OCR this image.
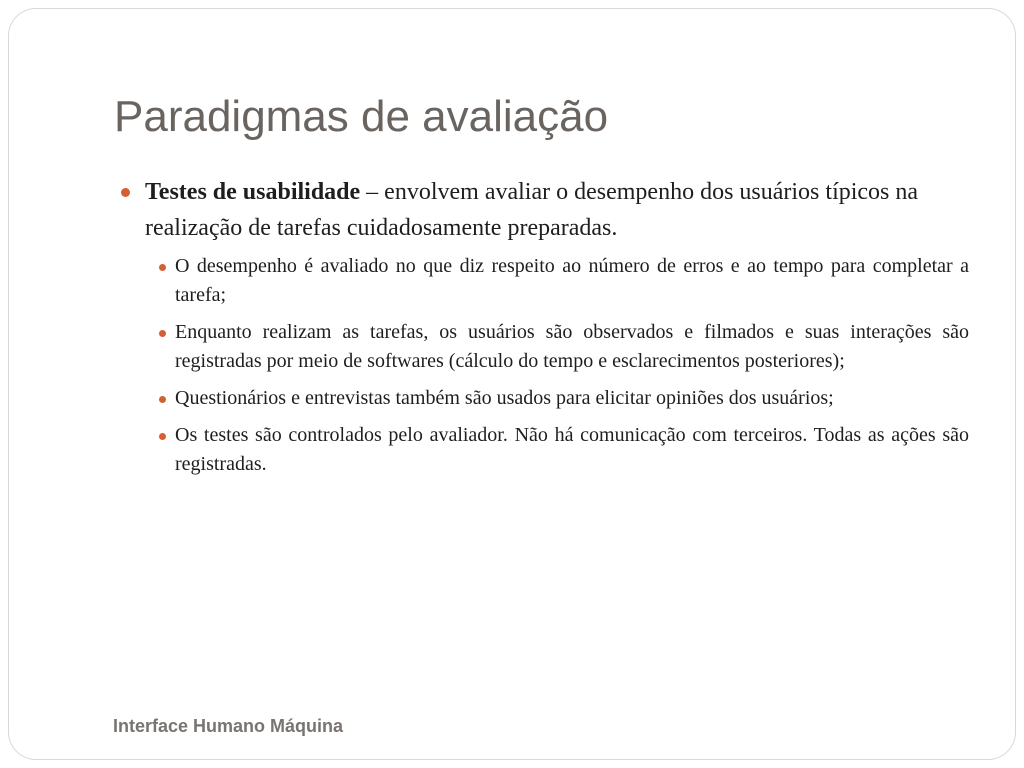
Paradigmas de avaliação
Testes de usabilidade – envolvem avaliar o desempenho dos usuários típicos na realização de tarefas cuidadosamente preparadas.
O desempenho é avaliado no que diz respeito ao número de erros e ao tempo para completar a tarefa;
Enquanto realizam as tarefas, os usuários são observados e filmados e suas interações são registradas por meio de softwares (cálculo do tempo e esclarecimentos posteriores);
Questionários e entrevistas também são usados para elicitar opiniões dos usuários;
Os testes são controlados pelo avaliador. Não há comunicação com terceiros. Todas as ações são registradas.
Interface Humano Máquina
